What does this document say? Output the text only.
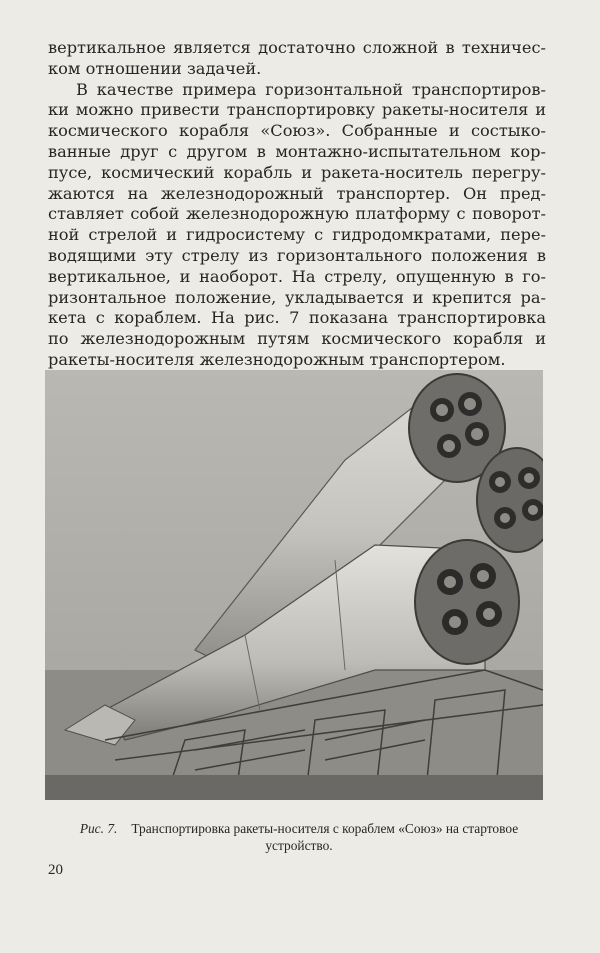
вертикальное является достаточно сложной в техничес-
ком отношении задачей.
В качестве примера горизонтальной транспортиров-
ки можно привести транспортировку ракеты-носителя и
космического корабля «Союз». Собранные и состыко-
ванные друг с другом в монтажно-испытательном кор-
пусе, космический корабль и ракета-носитель перегру-
жаются на железнодорожный транспортер. Он пред-
ставляет собой железнодорожную платформу с поворот-
ной стрелой и гидросистему с гидродомкратами, пере-
водящими эту стрелу из горизонтального положения в
вертикальное, и наоборот. На стрелу, опущенную в го-
ризонтальное положение, укладывается и крепится ра-
кета с кораблем. На рис. 7 показана транспортировка
по железнодорожным путям космического корабля и
ракеты-носителя железнодорожным транспортером.
Рис. 7. Транспортировка ракеты-носителя с кораблем «Союз» на стартовое устройство.
20
